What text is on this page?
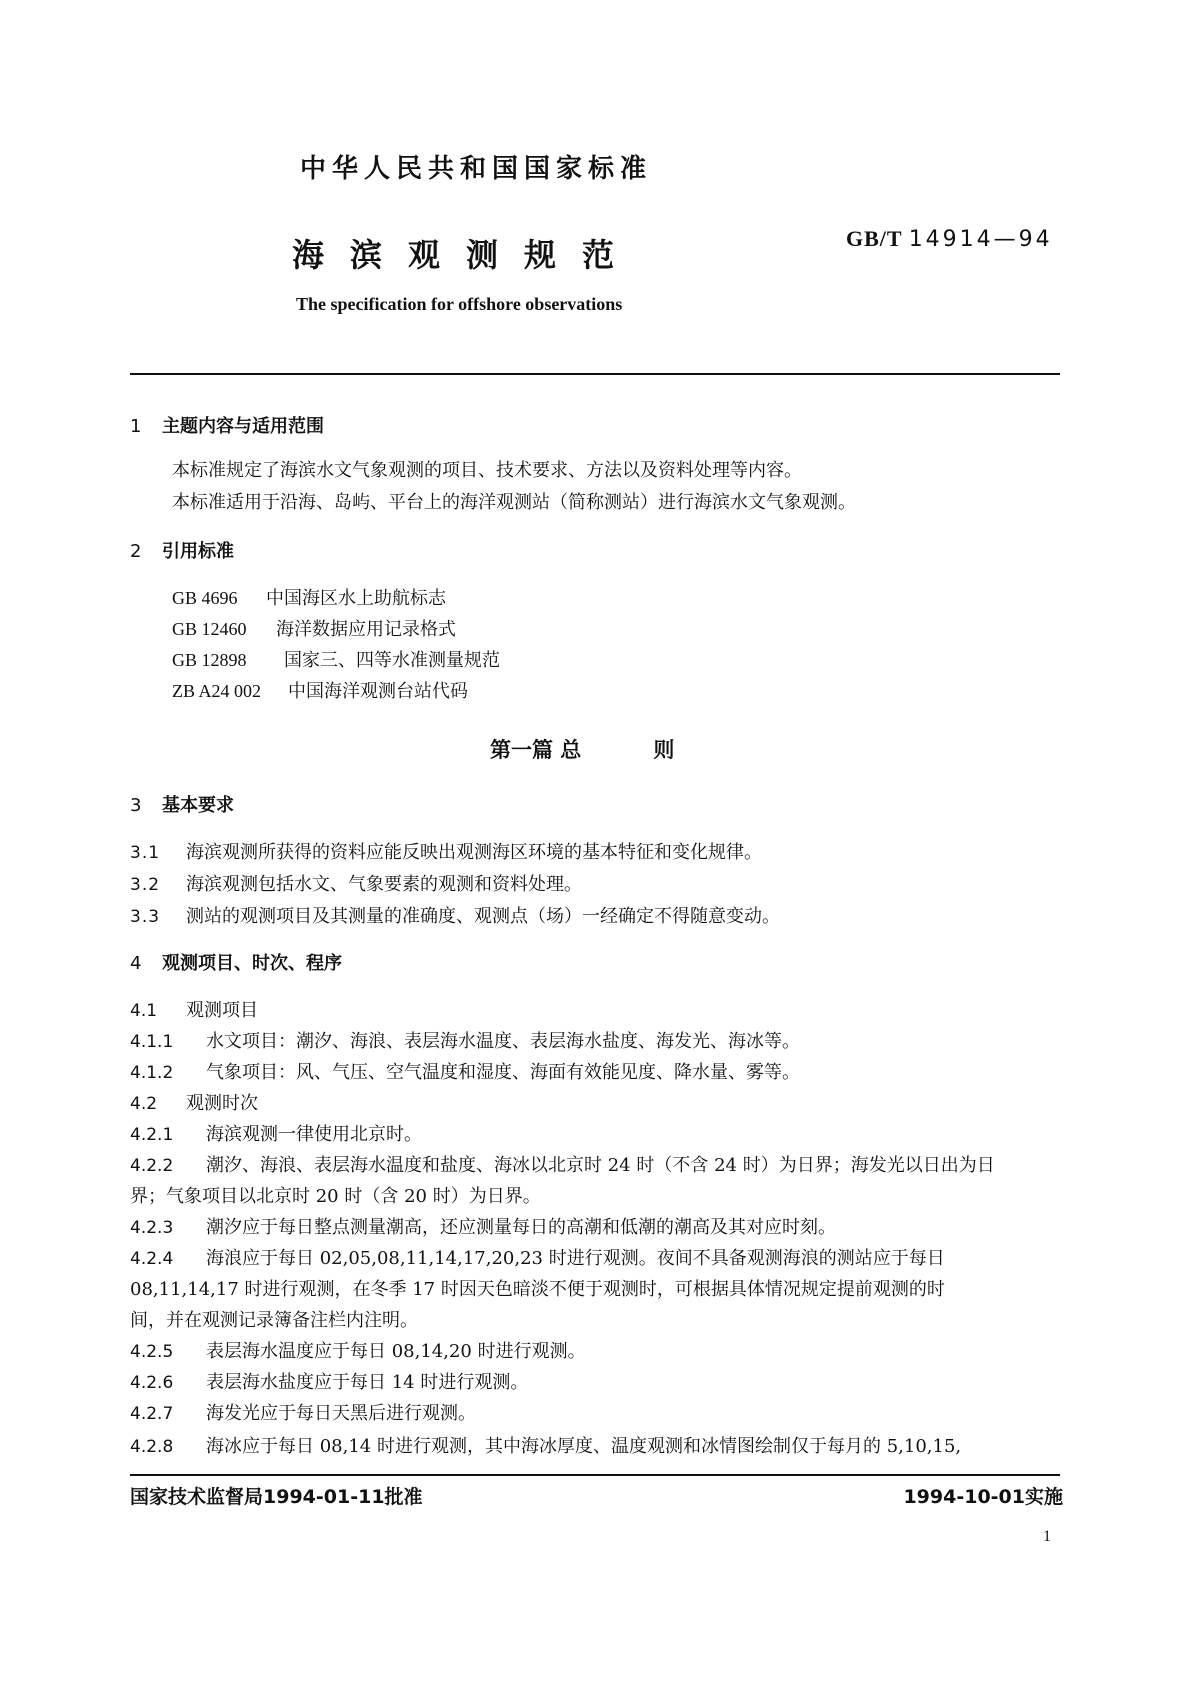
中华人民共和国国家标准
海滨观测规范	GB/T 14914—94
The specification for offshore observations
1 主题内容与适用范围
本标准规定了海滨水文气象观测的项目、技术要求、方法以及资料处理等内容。
本标准适用于沿海、岛屿、平台上的海洋观测站（简称测站）进行海滨水文气象观测。
2 引用标准
GB 4696 中国海区水上助航标志
GB 12460 海洋数据应用记录格式
GB 12898 国家三、四等水准测量规范
ZB A24 002 中国海洋观测台站代码
第一篇 总	则
3 基本要求
3.1 海滨观测所获得的资料应能反映出观测海区环境的基本特征和变化规律。
3.2 海滨观测包括水文、气象要素的观测和资料处理。
3.3 测站的观测项目及其测量的准确度、观测点（场）一经确定不得随意变动。
4 观测项目、时次、程序
4.1 观测项目
4.1.1 水文项目：潮汐、海浪、表层海水温度、表层海水盐度、海发光、海冰等。
4.1.2 气象项目：风、气压、空气温度和湿度、海面有效能见度、降水量、雾等。
4.2 观测时次
4.2.1 海滨观测一律使用北京时。
4.2.2 潮汐、海浪、表层海水温度和盐度、海冰以北京时 24 时（不含 24 时）为日界；海发光以日出为日
界；气象项目以北京时 20 时（含 20 时）为日界。
4.2.3 潮汐应于每日整点测量潮高，还应测量每日的高潮和低潮的潮高及其对应时刻。
4.2.4 海浪应于每日 02,05,08,11,14,17,20,23 时进行观测。夜间不具备观测海浪的测站应于每日
08,11,14,17 时进行观测，在冬季 17 时因天色暗淡不便于观测时，可根据具体情况规定提前观测的时
间，并在观测记录簿备注栏内注明。
4.2.5 表层海水温度应于每日 08,14,20 时进行观测。
4.2.6 表层海水盐度应于每日 14 时进行观测。
4.2.7 海发光应于每日天黑后进行观测。
4.2.8 海冰应于每日 08,14 时进行观测，其中海冰厚度、温度观测和冰情图绘制仅于每月的 5,10,15,
国家技术监督局1994-01-11批准	1994-10-01实施
1
